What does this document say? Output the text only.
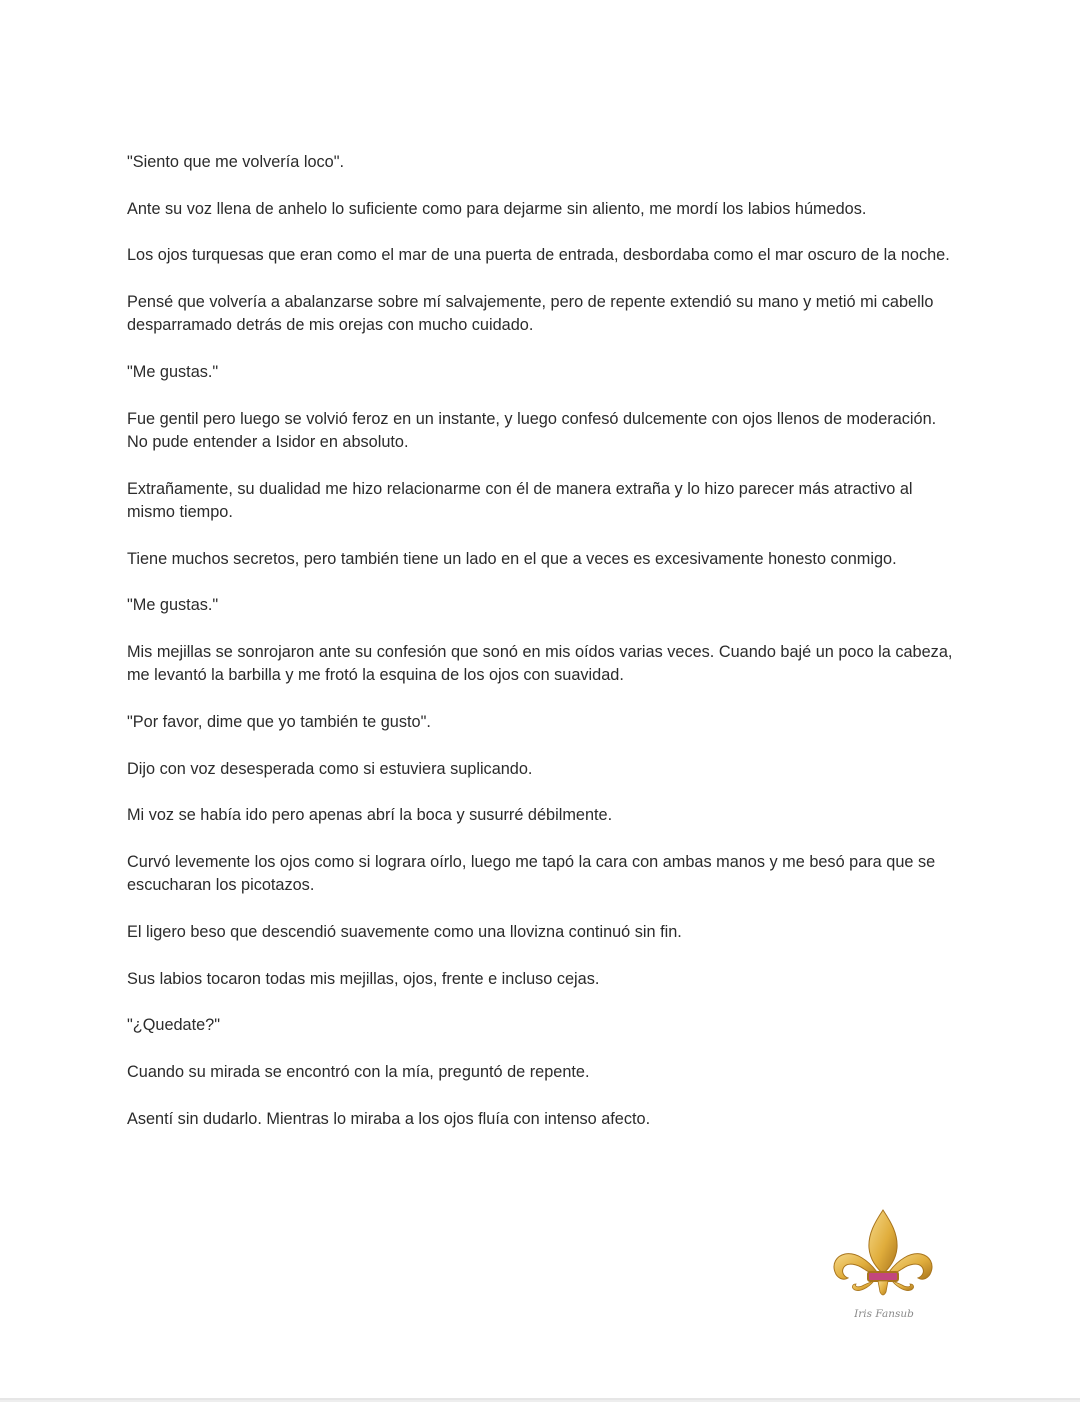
"Siento que me volvería loco".

Ante su voz llena de anhelo lo suficiente como para dejarme sin aliento, me mordí los labios húmedos.

Los ojos turquesas que eran como el mar de una puerta de entrada, desbordaba como el mar oscuro de la noche.

Pensé que volvería a abalanzarse sobre mí salvajemente, pero de repente extendió su mano y metió mi cabello desparramado detrás de mis orejas con mucho cuidado.

"Me gustas."

Fue gentil pero luego se volvió feroz en un instante, y luego confesó dulcemente con ojos llenos de moderación. No pude entender a Isidor en absoluto.

Extrañamente, su dualidad me hizo relacionarme con él de manera extraña y lo hizo parecer más atractivo al mismo tiempo.

Tiene muchos secretos, pero también tiene un lado en el que a veces es excesivamente honesto conmigo.

"Me gustas."

Mis mejillas se sonrojaron ante su confesión que sonó en mis oídos varias veces. Cuando bajé un poco la cabeza, me levantó la barbilla y me frotó la esquina de los ojos con suavidad.

"Por favor, dime que yo también te gusto".

Dijo con voz desesperada como si estuviera suplicando.

Mi voz se había ido pero apenas abrí la boca y susurré débilmente.

Curvó levemente los ojos como si lograra oírlo, luego me tapó la cara con ambas manos y me besó para que se escucharan los picotazos.

El ligero beso que descendió suavemente como una llovizna continuó sin fin.

Sus labios tocaron todas mis mejillas, ojos, frente e incluso cejas.

"¿Quedate?"

Cuando su mirada se encontró con la mía, preguntó de repente.

Asentí sin dudarlo. Mientras lo miraba a los ojos fluía con intenso afecto.

Iris Fansub
